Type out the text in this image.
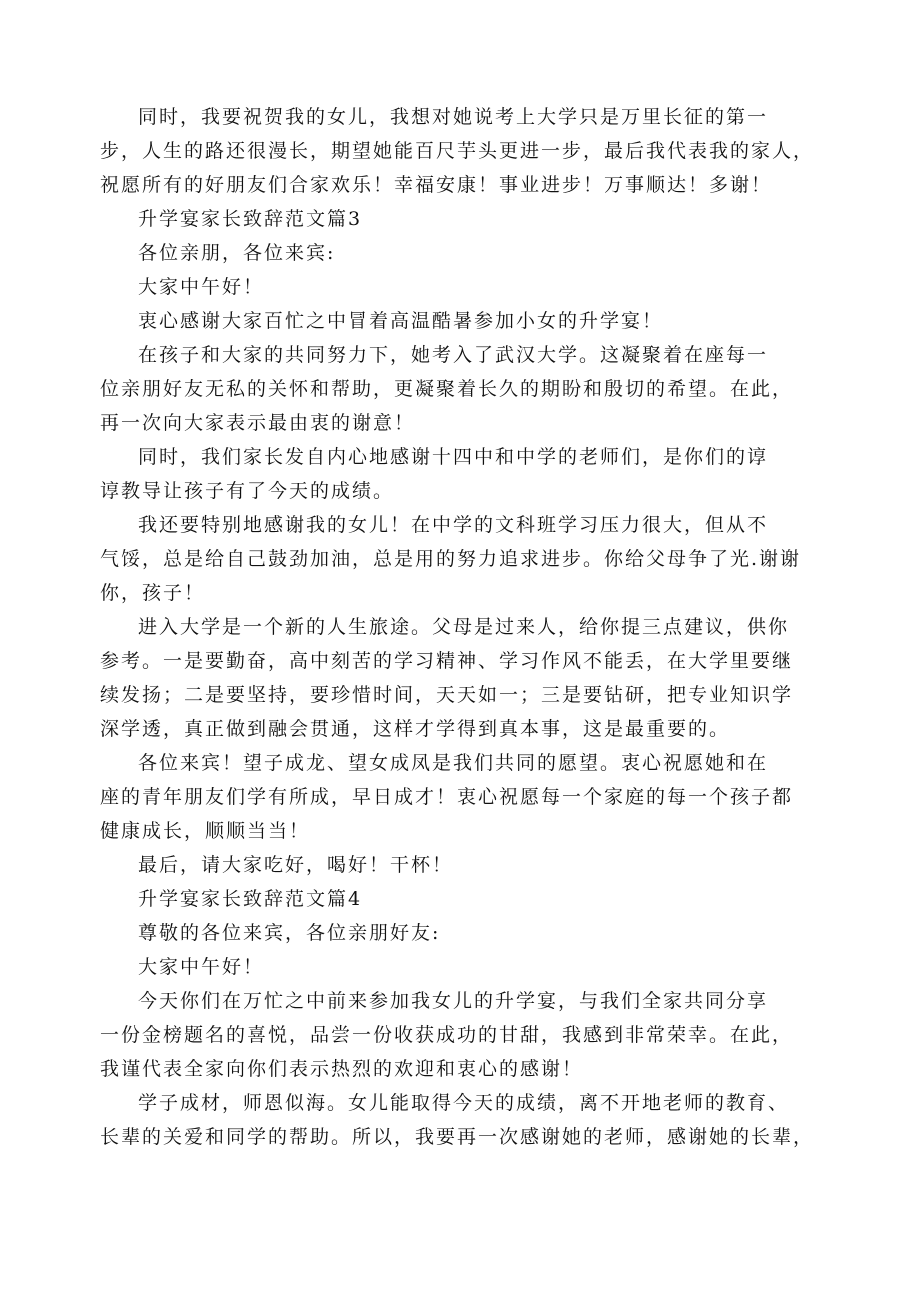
同时，我要祝贺我的女儿，我想对她说考上大学只是万里长征的第一
步，人生的路还很漫长，期望她能百尺芋头更进一步，最后我代表我的家人，
祝愿所有的好朋友们合家欢乐！幸福安康！事业进步！万事顺达！多谢！
升学宴家长致辞范文篇3
各位亲朋，各位来宾:
大家中午好！
衷心感谢大家百忙之中冒着高温酷暑参加小女的升学宴！
在孩子和大家的共同努力下，她考入了武汉大学。这凝聚着在座每一
位亲朋好友无私的关怀和帮助，更凝聚着长久的期盼和殷切的希望。在此，
再一次向大家表示最由衷的谢意！
同时，我们家长发自内心地感谢十四中和中学的老师们，是你们的谆
谆教导让孩子有了今天的成绩。
我还要特别地感谢我的女儿！在中学的文科班学习压力很大，但从不
气馁，总是给自己鼓劲加油，总是用的努力追求进步。你给父母争了光.谢谢
你，孩子！
进入大学是一个新的人生旅途。父母是过来人，给你提三点建议，供你
参考。一是要勤奋，高中刻苦的学习精神、学习作风不能丢，在大学里要继
续发扬；二是要坚持，要珍惜时间，天天如一；三是要钻研，把专业知识学
深学透，真正做到融会贯通，这样才学得到真本事，这是最重要的。
各位来宾！望子成龙、望女成凤是我们共同的愿望。衷心祝愿她和在
座的青年朋友们学有所成，早日成才！衷心祝愿每一个家庭的每一个孩子都
健康成长，顺顺当当！
最后，请大家吃好，喝好！干杯！
升学宴家长致辞范文篇4
尊敬的各位来宾，各位亲朋好友:
大家中午好！
今天你们在万忙之中前来参加我女儿的升学宴，与我们全家共同分享
一份金榜题名的喜悦，品尝一份收获成功的甘甜，我感到非常荣幸。在此，
我谨代表全家向你们表示热烈的欢迎和衷心的感谢！
学子成材，师恩似海。女儿能取得今天的成绩，离不开地老师的教育、
长辈的关爱和同学的帮助。所以，我要再一次感谢她的老师，感谢她的长辈，
